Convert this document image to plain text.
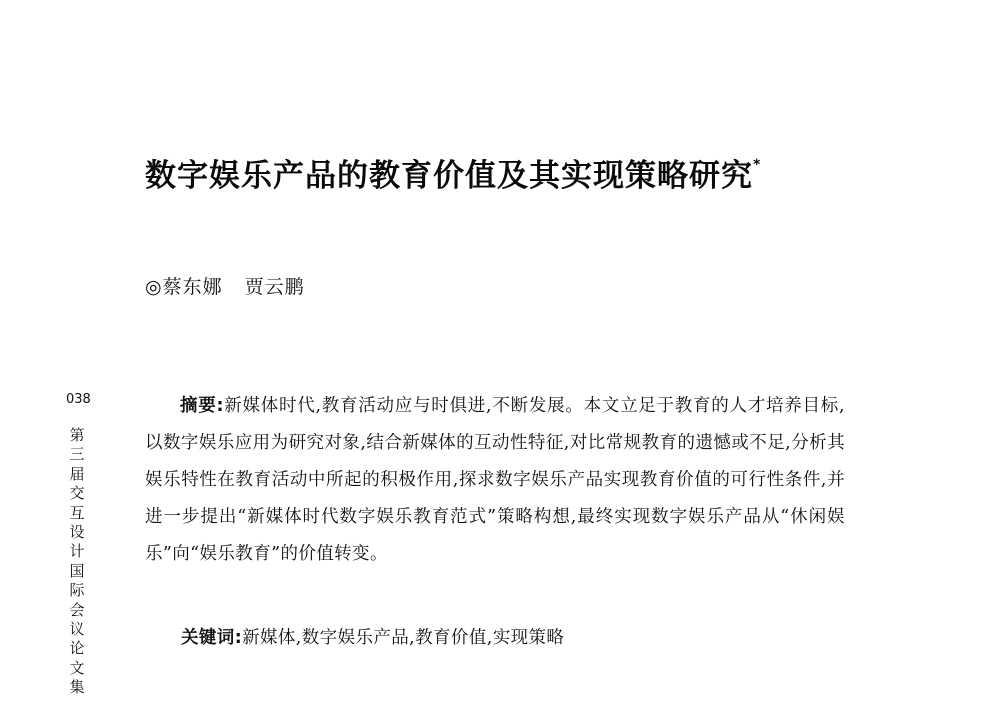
数字娱乐产品的教育价值及其实现策略研究*
◎蔡东娜 贾云鹏
038
第三届交互设计国际会议论文集

摘要:新媒体时代,教育活动应与时俱进,不断发展。本文立足于教育的人才培养目标,以数字娱乐应用为研究对象,结合新媒体的互动性特征,对比常规教育的遗憾或不足,分析其娱乐特性在教育活动中所起的积极作用,探求数字娱乐产品实现教育价值的可行性条件,并进一步提出“新媒体时代数字娱乐教育范式”策略构想,最终实现数字娱乐产品从“休闲娱乐”向“娱乐教育”的价值转变。

关键词:新媒体,数字娱乐产品,教育价值,实现策略
